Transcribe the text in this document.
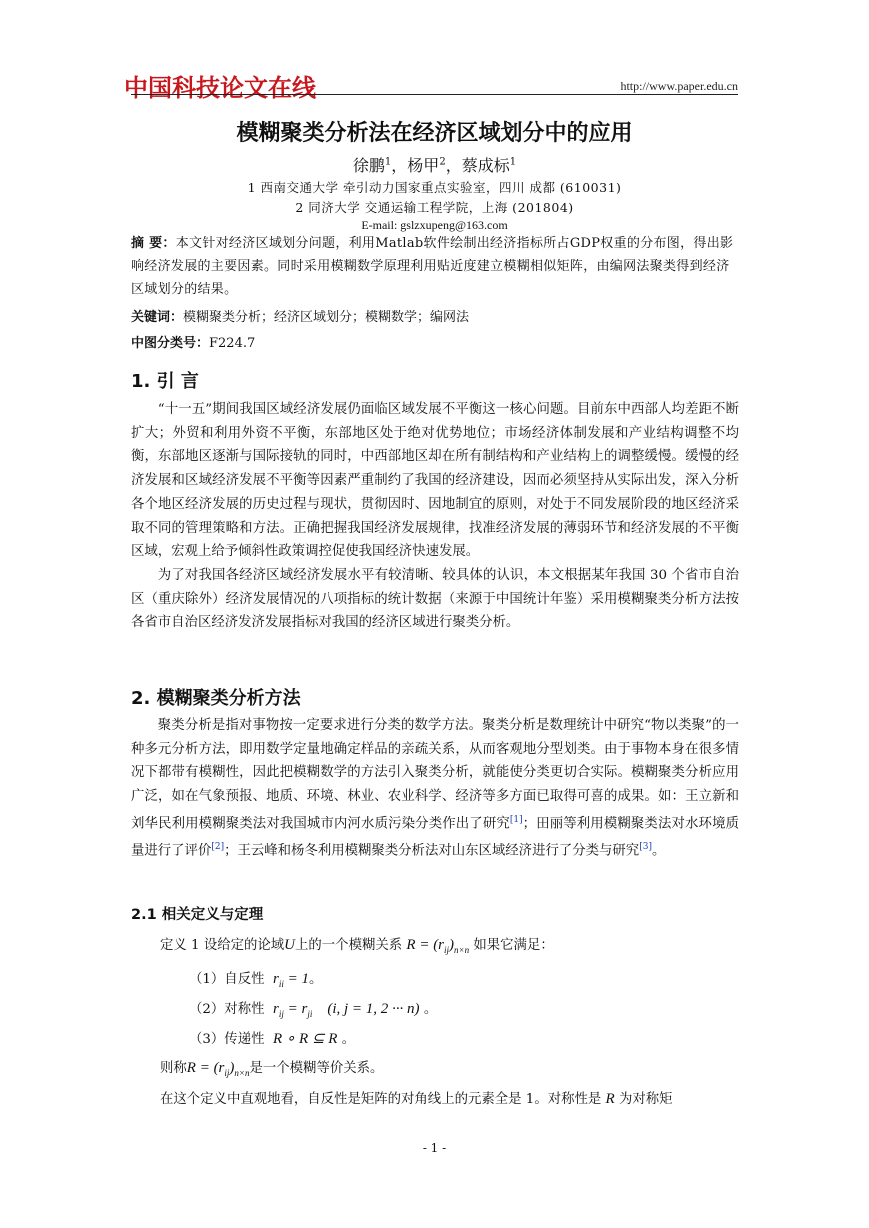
中国科技论文在线	http://www.paper.edu.cn
模糊聚类分析法在经济区域划分中的应用
徐鹏$^1$，杨甲$^2$，蔡成标$^1$
1 西南交通大学 牵引动力国家重点实验室，四川 成都 (610031)
2 同济大学 交通运输工程学院，上海 (201804)
E-mail: gslzxupeng@163.com
摘 要：本文针对经济区域划分问题，利用Matlab软件绘制出经济指标所占GDP权重的分布图，得出影响经济发展的主要因素。同时采用模糊数学原理利用贴近度建立模糊相似矩阵，由编网法聚类得到经济区域划分的结果。
关键词：模糊聚类分析；经济区域划分；模糊数学；编网法
中图分类号：F224.7
1. 引 言

“十一五”期间我国区域经济发展仍面临区域发展不平衡这一核心问题。目前东中西部人均差距不断扩大；外贸和利用外资不平衡，东部地区处于绝对优势地位；市场经济体制发展和产业结构调整不均衡，东部地区逐渐与国际接轨的同时，中西部地区却在所有制结构和产业结构上的调整缓慢。缓慢的经济发展和区域经济发展不平衡等因素严重制约了我国的经济建设，因而必须坚持从实际出发，深入分析各个地区经济发展的历史过程与现状，贯彻因时、因地制宜的原则，对处于不同发展阶段的地区经济采取不同的管理策略和方法。正确把握我国经济发展规律，找准经济发展的薄弱环节和经济发展的不平衡区域，宏观上给予倾斜性政策调控促使我国经济快速发展。

为了对我国各经济区域经济发展水平有较清晰、较具体的认识，本文根据某年我国 30 个省市自治区（重庆除外）经济发展情况的八项指标的统计数据（来源于中国统计年鉴）采用模糊聚类分析方法按各省市自治区经济发济发展指标对我国的经济区域进行聚类分析。

2. 模糊聚类分析方法

聚类分析是指对事物按一定要求进行分类的数学方法。聚类分析是数理统计中研究“物以类聚”的一种多元分析方法，即用数学定量地确定样品的亲疏关系，从而客观地分型划类。由于事物本身在很多情况下都带有模糊性，因此把模糊数学的方法引入聚类分析，就能使分类更切合实际。模糊聚类分析应用广泛，如在气象预报、地质、环境、林业、农业科学、经济等多方面已取得可喜的成果。如：王立新和刘华民利用模糊聚类法对我国城市内河水质污染分类作出了研究[1]；田丽等利用模糊聚类法对水环境质量进行了评价[2]；王云峰和杨冬利用模糊聚类分析法对山东区域经济进行了分类与研究[3]。

2.1 相关定义与定理
定义 1 设给定的论域U上的一个模糊关系 $R = (r_{ij})_{n\times n}$ 如果它满足：
（1）自反性 $r_{ii} = 1$。
（2）对称性 $r_{ij} = r_{ji}$ (i, j = 1, 2 ··· n) 。
（3）传递性 R ∘ R ⊆ R 。
则称$R = (r_{ij})_{n\times n}$是一个模糊等价关系。
在这个定义中直观地看，自反性是矩阵的对角线上的元素全是 1。对称性是 R 为对称矩
- 1 -
